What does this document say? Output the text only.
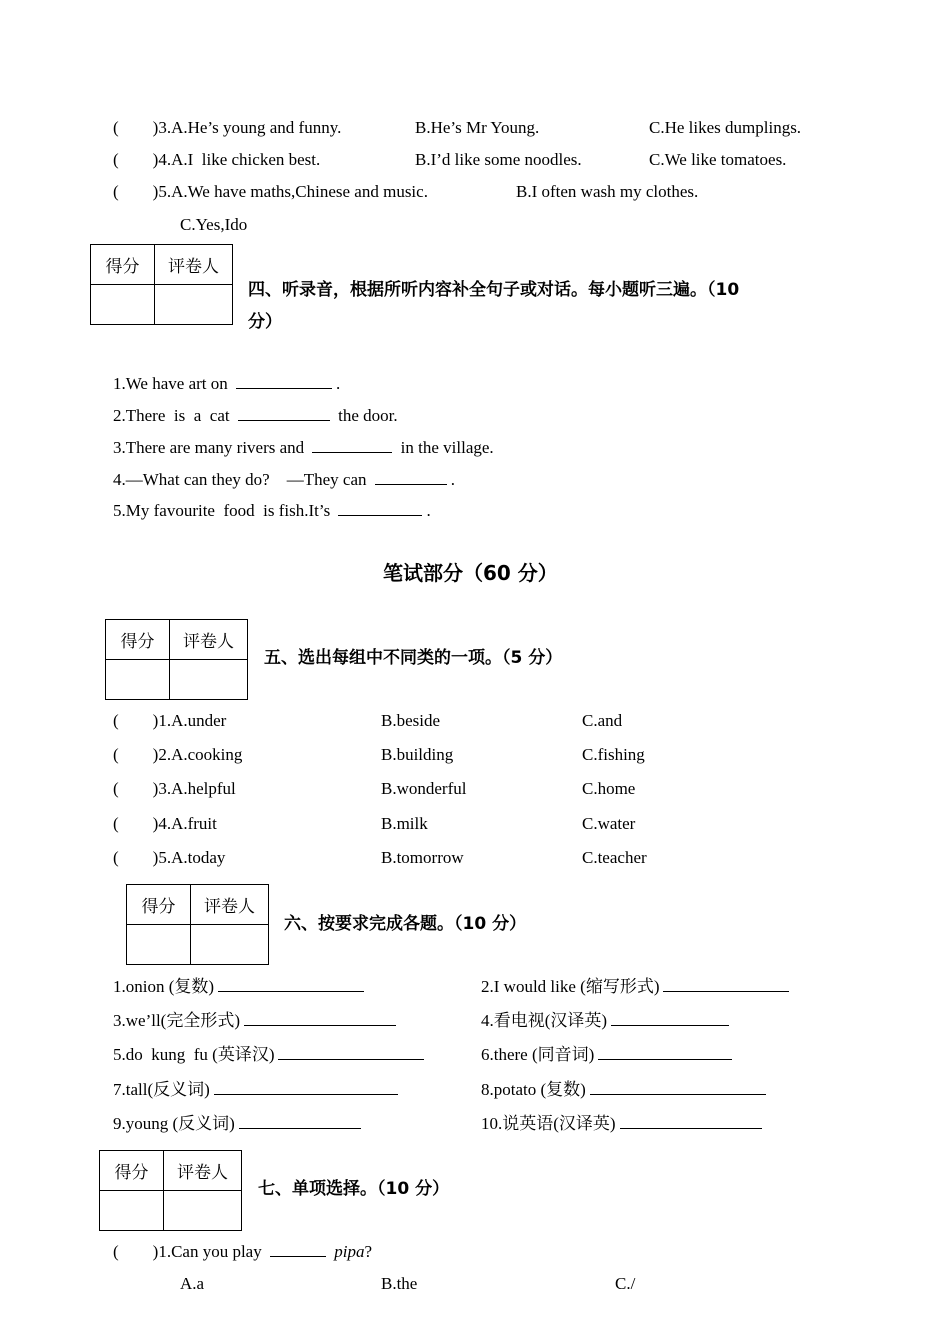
(        )3.A.He’s young and funny.	B.He’s Mr Young.	C.He likes dumplings.
(        )4.A.I  like chicken best.	B.I’d like some noodles.	C.We like tomatoes.
(        )5.A.We have maths,Chinese and music.	B.I often wash my clothes.
C.Yes,Ido
得分	评卷人

四、听录音，根据所听内容补全句子或对话。每小题听三遍。（10
分）
1.We have art on	.
2.There  is  a  cat	the door.
3.There are many rivers and	in the village.
4.—What can they do?    —They can	.
5.My favourite  food  is fish.It’s	.
笔试部分（60 分）
得分	评卷人

五、选出每组中不同类的一项。（5 分）
(        )1.A.under	B.beside	C.and
(        )2.A.cooking	B.building	C.fishing
(        )3.A.helpful	B.wonderful	C.home
(        )4.A.fruit	B.milk	C.water
(        )5.A.today	B.tomorrow	C.teacher
得分	评卷人

六、按要求完成各题。（10 分）
1.onion (复数)	2.I would like (缩写形式)
3.we’ll(完全形式)	4.看电视(汉译英)
5.do  kung  fu (英译汉)	6.there (同音词)
7.tall(反义词)	8.potato (复数)
9.young (反义词)	10.说英语(汉译英)
得分	评卷人

七、单项选择。（10 分）
(        )1.Can you play	pipa?
A.a	B.the	C./
